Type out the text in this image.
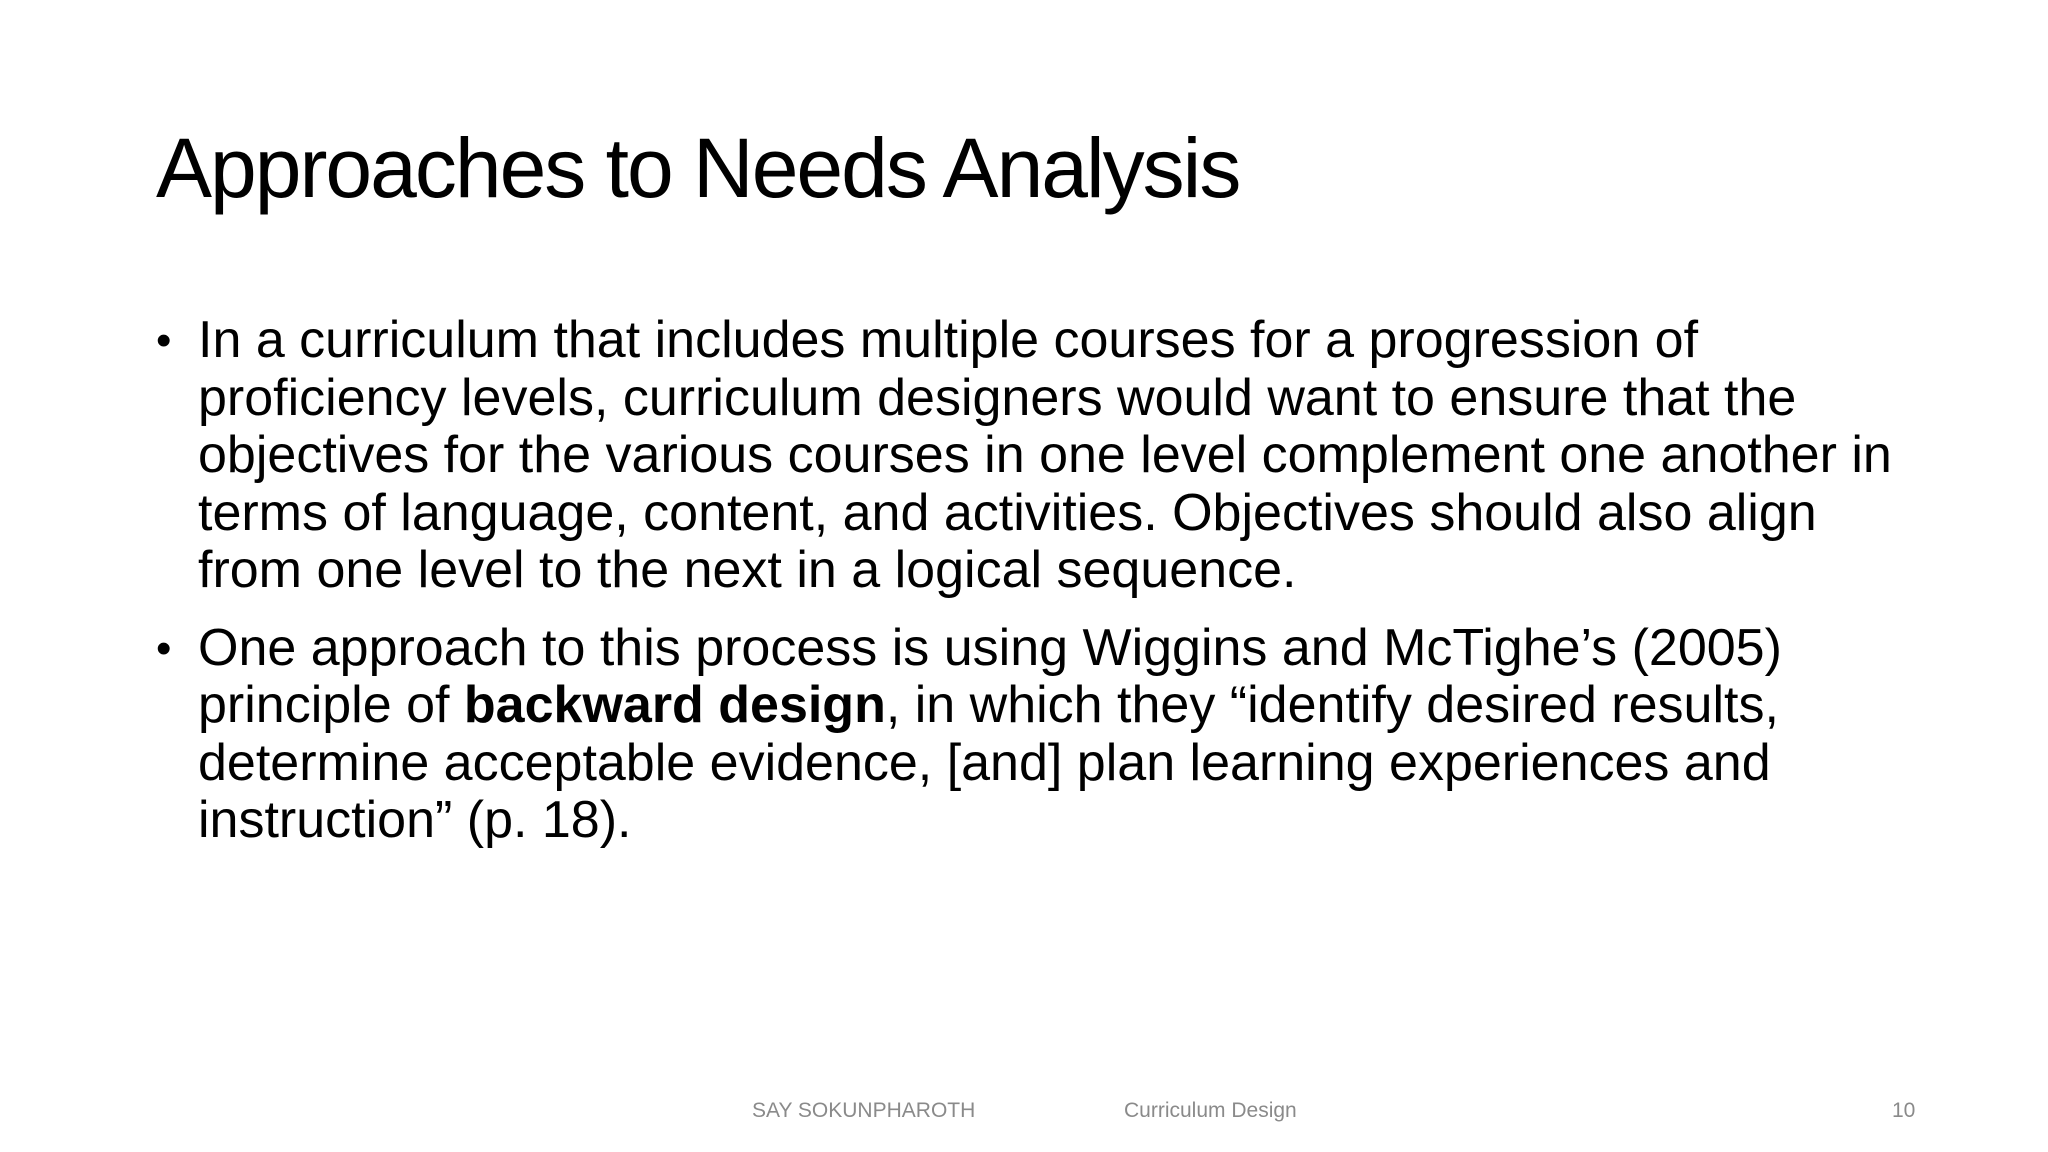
Approaches to Needs Analysis
• In a curriculum that includes multiple courses for a progression of proficiency levels, curriculum designers would want to ensure that the objectives for the various courses in one level complement one another in terms of language, content, and activities. Objectives should also align from one level to the next in a logical sequence.
• One approach to this process is using Wiggins and McTighe’s (2005) principle of backward design, in which they “identify desired results, determine acceptable evidence, [and] plan learning experiences and instruction” (p. 18).
SAY SOKUNPHAROTH	Curriculum Design	10
